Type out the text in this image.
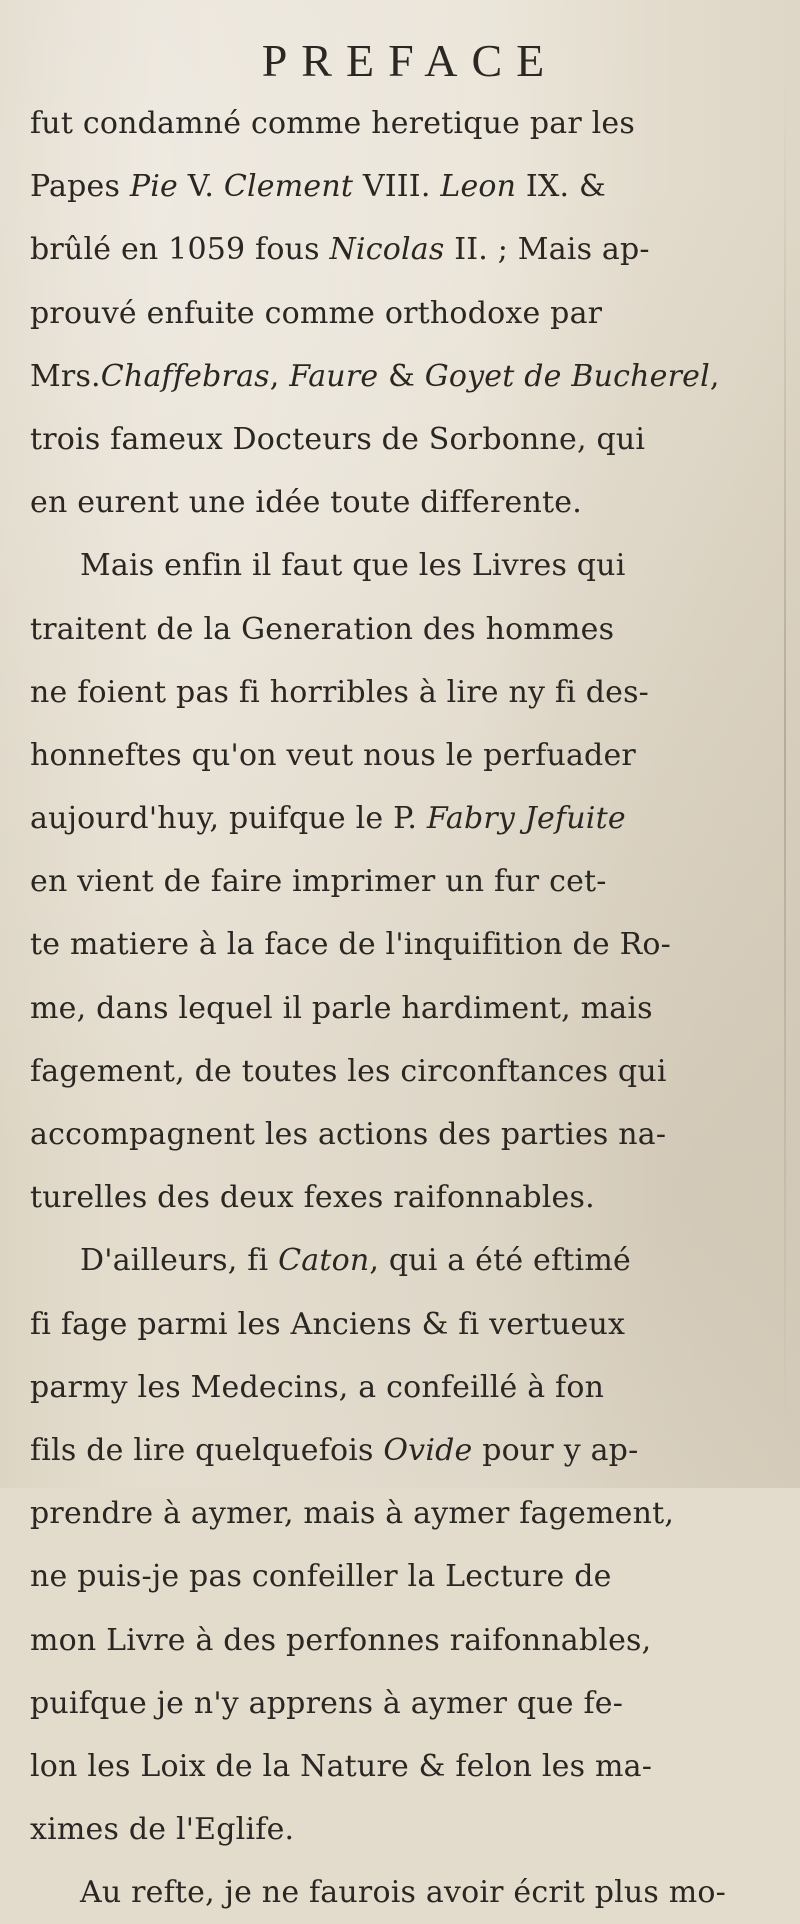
PREFACE
fut condamné comme heretique par les
Papes Pie V. Clement VIII. Leon IX. &
brûlé en 1059 fous Nicolas II. ; Mais ap-
prouvé enfuite comme orthodoxe par
Mrs.Chaffebras, Faure & Goyet de Bucherel,
trois fameux Docteurs de Sorbonne, qui
en eurent une idée toute differente.
Mais enfin il faut que les Livres qui
traitent de la Generation des hommes
ne foient pas fi horribles à lire ny fi des-
honneftes qu'on veut nous le perfuader
aujourd'huy, puifque le P. Fabry Jefuite
en vient de faire imprimer un fur cet-
te matiere à la face de l'inquifition de Ro-
me, dans lequel il parle hardiment, mais
fagement, de toutes les circonftances qui
accompagnent les actions des parties na-
turelles des deux fexes raifonnables.
D'ailleurs, fi Caton, qui a été eftimé
fi fage parmi les Anciens & fi vertueux
parmy les Medecins, a confeillé à fon
fils de lire quelquefois Ovide pour y ap-
prendre à aymer, mais à aymer fagement,
ne puis-je pas confeiller la Lecture de
mon Livre à des perfonnes raifonnables,
puifque je n'y apprens à aymer que fe-
lon les Loix de la Nature & felon les ma-
ximes de l'Eglife.
Au refte, je ne faurois avoir écrit plus mo-
